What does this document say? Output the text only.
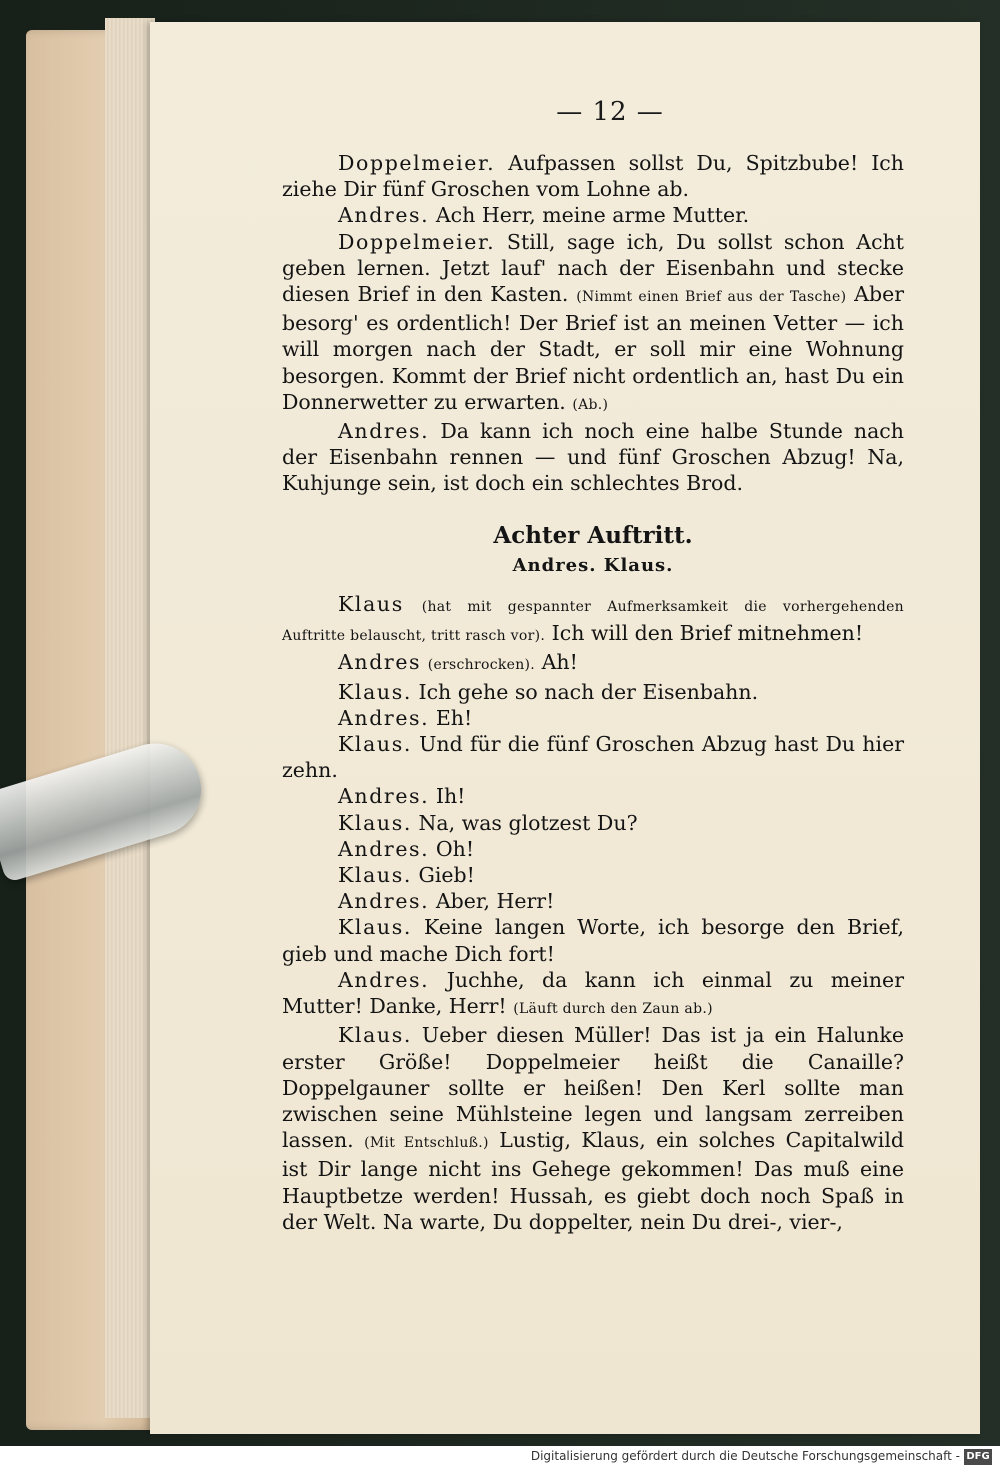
— 12 —

Doppelmeier. Aufpassen sollst Du, Spitzbube! Ich ziehe Dir fünf Groschen vom Lohne ab.

Andres. Ach Herr, meine arme Mutter.

Doppelmeier. Still, sage ich, Du sollst schon Acht geben lernen. Jetzt lauf' nach der Eisenbahn und stecke diesen Brief in den Kasten. (Nimmt einen Brief aus der Tasche) Aber besorg' es ordentlich! Der Brief ist an meinen Vetter — ich will morgen nach der Stadt, er soll mir eine Wohnung besorgen. Kommt der Brief nicht ordentlich an, hast Du ein Donnerwetter zu erwarten. (Ab.)

Andres. Da kann ich noch eine halbe Stunde nach der Eisenbahn rennen — und fünf Groschen Abzug! Na, Kuhjunge sein, ist doch ein schlechtes Brod.

Achter Auftritt.
Andres. Klaus.

Klaus (hat mit gespannter Aufmerksamkeit die vorhergehenden Auftritte belauscht, tritt rasch vor). Ich will den Brief mitnehmen!

Andres (erschrocken). Ah!

Klaus. Ich gehe so nach der Eisenbahn.

Andres. Eh!

Klaus. Und für die fünf Groschen Abzug hast Du hier zehn.

Andres. Ih!

Klaus. Na, was glotzest Du?

Andres. Oh!

Klaus. Gieb!

Andres. Aber, Herr!

Klaus. Keine langen Worte, ich besorge den Brief, gieb und mache Dich fort!

Andres. Juchhe, da kann ich einmal zu meiner Mutter! Danke, Herr! (Läuft durch den Zaun ab.)

Klaus. Ueber diesen Müller! Das ist ja ein Halunke erster Größe! Doppelmeier heißt die Canaille? Doppelgauner sollte er heißen! Den Kerl sollte man zwischen seine Mühlsteine legen und langsam zerreiben lassen. (Mit Entschluß.) Lustig, Klaus, ein solches Capitalwild ist Dir lange nicht ins Gehege gekommen! Das muß eine Hauptbetze werden! Hussah, es giebt doch noch Spaß in der Welt. Na warte, Du doppelter, nein Du drei-, vier-,

Digitalisierung gefördert durch die Deutsche Forschungsgemeinschaft - DFG
